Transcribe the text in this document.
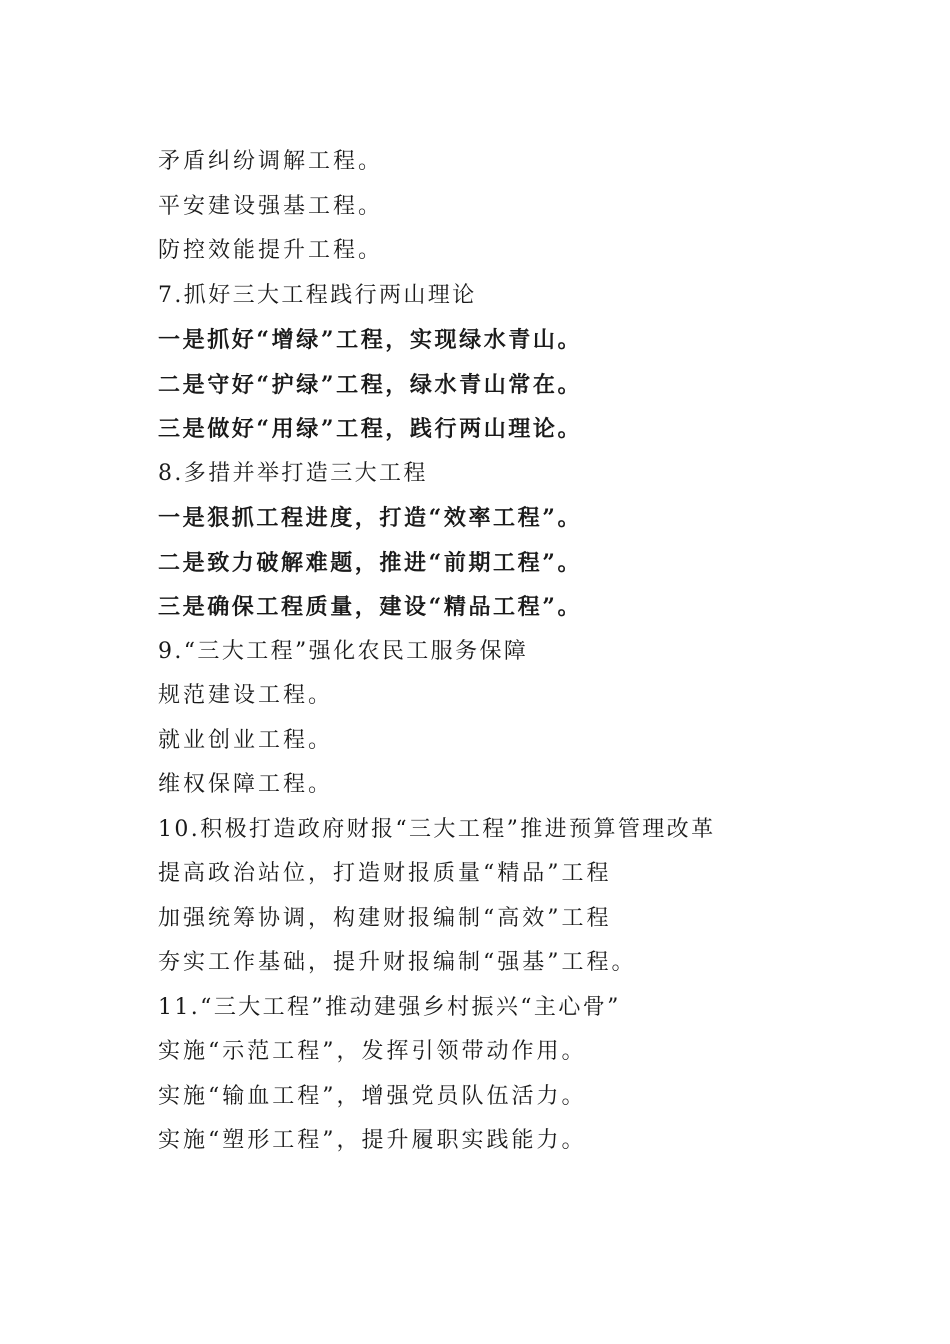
矛盾纠纷调解工程。
平安建设强基工程。
防控效能提升工程。
7.抓好三大工程践行两山理论
一是抓好“增绿”工程，实现绿水青山。
二是守好“护绿”工程，绿水青山常在。
三是做好“用绿”工程，践行两山理论。
8.多措并举打造三大工程
一是狠抓工程进度，打造“效率工程”。
二是致力破解难题，推进“前期工程”。
三是确保工程质量，建设“精品工程”。
9.“三大工程”强化农民工服务保障
规范建设工程。
就业创业工程。
维权保障工程。
10.积极打造政府财报“三大工程”推进预算管理改革
提高政治站位，打造财报质量“精品”工程
加强统筹协调，构建财报编制“高效”工程
夯实工作基础，提升财报编制“强基”工程。
11.“三大工程”推动建强乡村振兴“主心骨”
实施“示范工程”，发挥引领带动作用。
实施“输血工程”，增强党员队伍活力。
实施“塑形工程”，提升履职实践能力。
